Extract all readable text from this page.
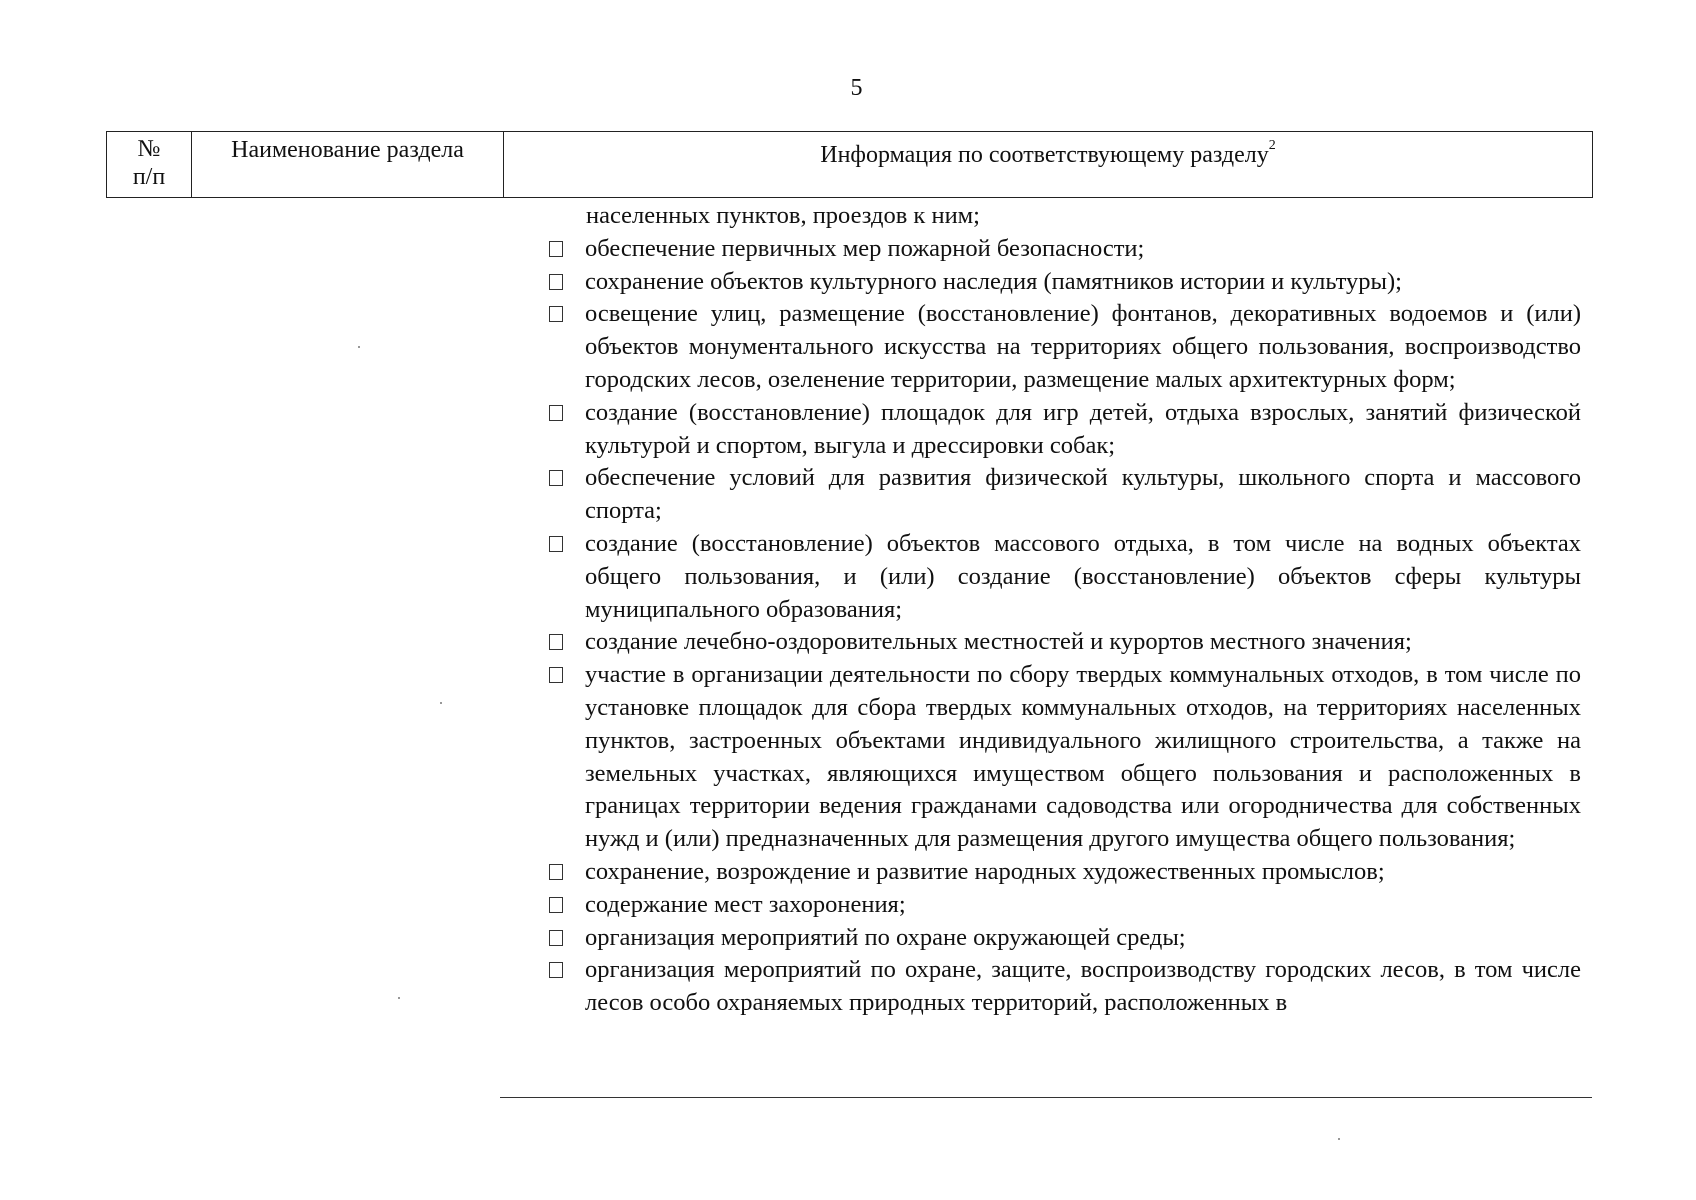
5
№
п/п
Наименование раздела	Информация по соответствующему разделу$^2$
населенных пунктов, проездов к ним;
обеспечение первичных мер пожарной безопасности;
сохранение объектов культурного наследия (памятников истории и культуры);
освещение улиц, размещение (восстановление) фонтанов, декоративных водоемов и (или) объектов монументального искусства на территориях общего пользования, воспроизводство городских лесов, озеленение территории, размещение малых архитектурных форм;
создание (восстановление) площадок для игр детей, отдыха взрослых, занятий физической культурой и спортом, выгула и дрессировки собак;
обеспечение условий для развития физической культуры, школьного спорта и массового спорта;
создание (восстановление) объектов массового отдыха, в том числе на водных объектах общего пользования, и (или) создание (восстановление) объектов сферы культуры муниципального образования;
создание лечебно-оздоровительных местностей и курортов местного значения;
участие в организации деятельности по сбору твердых коммунальных отходов, в том числе по установке площадок для сбора твердых коммунальных отходов, на территориях населенных пунктов, застроенных объектами индивидуального жилищного строительства, а также на земельных участках, являющихся имуществом общего пользования и расположенных в границах территории ведения гражданами садоводства или огородничества для собственных нужд и (или) предназначенных для размещения другого имущества общего пользования;
сохранение, возрождение и развитие народных художественных промыслов;
содержание мест захоронения;
организация мероприятий по охране окружающей среды;
организация мероприятий по охране, защите, воспроизводству городских лесов, в том числе лесов особо охраняемых природных территорий, расположенных в
